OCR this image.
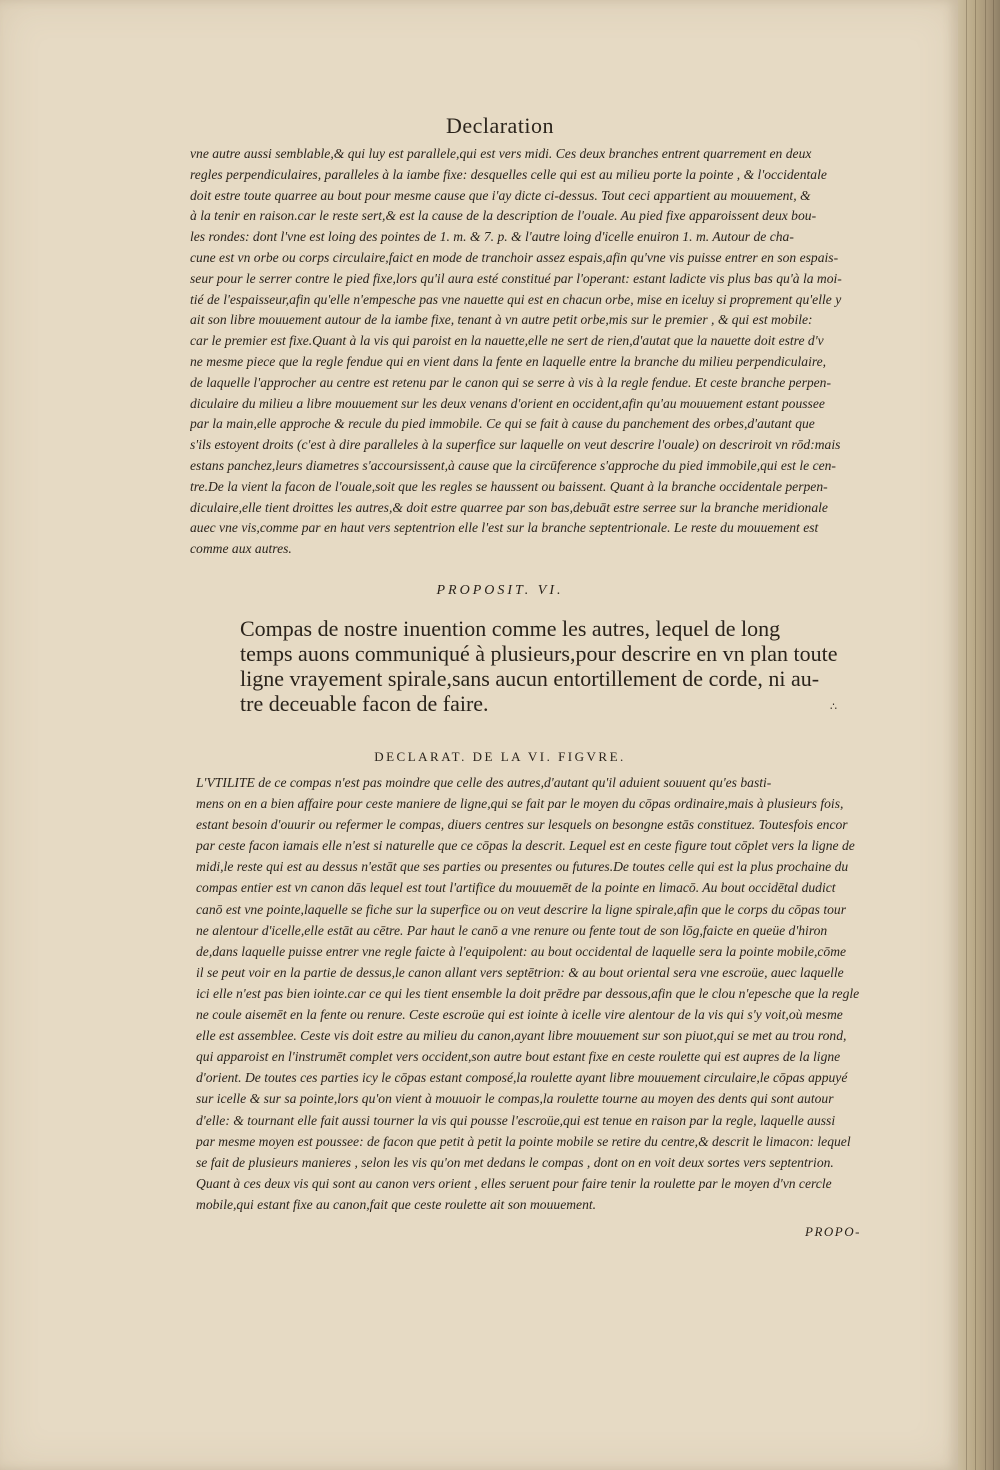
Declaration
vne autre aussi semblable,& qui luy est parallele,qui est vers midi. Ces deux branches entrent quarrement en deux
regles perpendiculaires, paralleles à la iambe fixe: desquelles celle qui est au milieu porte la pointe , & l'occidentale
doit estre toute quarree au bout pour mesme cause que i'ay dicte ci-dessus. Tout ceci appartient au mouuement, &
à la tenir en raison.car le reste sert,& est la cause de la description de l'ouale. Au pied fixe apparoissent deux bou-
les rondes: dont l'vne est loing des pointes de 1. m. & 7. p. & l'autre loing d'icelle enuiron 1. m. Autour de cha-
cune est vn orbe ou corps circulaire,faict en mode de tranchoir assez espais,afin qu'vne vis puisse entrer en son espais-
seur pour le serrer contre le pied fixe,lors qu'il aura esté constitué par l'operant: estant ladicte vis plus bas qu'à la moi-
tié de l'espaisseur,afin qu'elle n'empesche pas vne nauette qui est en chacun orbe, mise en iceluy si proprement qu'elle y
ait son libre mouuement autour de la iambe fixe, tenant à vn autre petit orbe,mis sur le premier , & qui est mobile:
car le premier est fixe.Quant à la vis qui paroist en la nauette,elle ne sert de rien,d'autat que la nauette doit estre d'v
ne mesme piece que la regle fendue qui en vient dans la fente en laquelle entre la branche du milieu perpendiculaire,
de laquelle l'approcher au centre est retenu par le canon qui se serre à vis à la regle fendue. Et ceste branche perpen-
diculaire du milieu a libre mouuement sur les deux venans d'orient en occident,afin qu'au mouuement estant poussee
par la main,elle approche & recule du pied immobile. Ce qui se fait à cause du panchement des orbes,d'autant que
s'ils estoyent droits (c'est à dire paralleles à la superfice sur laquelle on veut descrire l'ouale) on descriroit vn rōd:mais
estans panchez,leurs diametres s'accoursissent,à cause que la circūference s'approche du pied immobile,qui est le cen-
tre.De la vient la facon de l'ouale,soit que les regles se haussent ou baissent. Quant à la branche occidentale perpen-
diculaire,elle tient droittes les autres,& doit estre quarree par son bas,debuāt estre serree sur la branche meridionale
auec vne vis,comme par en haut vers septentrion elle l'est sur la branche septentrionale. Le reste du mouuement est
comme aux autres.
PROPOSIT. VI.
Compas de nostre inuention comme les autres, lequel de long
temps auons communiqué à plusieurs,pour descrire en vn plan toute
ligne vrayement spirale,sans aucun entortillement de corde, ni au-
tre deceuable facon de faire.	∴
DECLARAT. DE LA VI. FIGVRE.
L'VTILITE de ce compas n'est pas moindre que celle des autres,d'autant qu'il aduient souuent qu'es basti-
mens on en a bien affaire pour ceste maniere de ligne,qui se fait par le moyen du cōpas ordinaire,mais à plusieurs fois,
estant besoin d'ouurir ou refermer le compas, diuers centres sur lesquels on besongne estās constituez. Toutesfois encor
par ceste facon iamais elle n'est si naturelle que ce cōpas la descrit. Lequel est en ceste figure tout cōplet vers la ligne de
midi,le reste qui est au dessus n'estāt que ses parties ou presentes ou futures.De toutes celle qui est la plus prochaine du
compas entier est vn canon dās lequel est tout l'artifice du mouuemēt de la pointe en limacō. Au bout occidētal dudict
canō est vne pointe,laquelle se fiche sur la superfice ou on veut descrire la ligne spirale,afin que le corps du cōpas tour
ne alentour d'icelle,elle estāt au cētre. Par haut le canō a vne renure ou fente tout de son lōg,faicte en queüe d'hiron
de,dans laquelle puisse entrer vne regle faicte à l'equipolent: au bout occidental de laquelle sera la pointe mobile,cōme
il se peut voir en la partie de dessus,le canon allant vers septētrion: & au bout oriental sera vne escroüe, auec laquelle
ici elle n'est pas bien iointe.car ce qui les tient ensemble la doit prēdre par dessous,afin que le clou n'epesche que la regle
ne coule aisemēt en la fente ou renure. Ceste escroüe qui est iointe à icelle vire alentour de la vis qui s'y voit,où mesme
elle est assemblee. Ceste vis doit estre au milieu du canon,ayant libre mouuement sur son piuot,qui se met au trou rond,
qui apparoist en l'instrumēt complet vers occident,son autre bout estant fixe en ceste roulette qui est aupres de la ligne
d'orient. De toutes ces parties icy le cōpas estant composé,la roulette ayant libre mouuement circulaire,le cōpas appuyé
sur icelle & sur sa pointe,lors qu'on vient à mouuoir le compas,la roulette tourne au moyen des dents qui sont autour
d'elle: & tournant elle fait aussi tourner la vis qui pousse l'escroüe,qui est tenue en raison par la regle, laquelle aussi
par mesme moyen est poussee: de facon que petit à petit la pointe mobile se retire du centre,& descrit le limacon: lequel
se fait de plusieurs manieres , selon les vis qu'on met dedans le compas , dont on en voit deux sortes vers septentrion.
Quant à ces deux vis qui sont au canon vers orient , elles seruent pour faire tenir la roulette par le moyen d'vn cercle
mobile,qui estant fixe au canon,fait que ceste roulette ait son mouuement.
PROPO-
